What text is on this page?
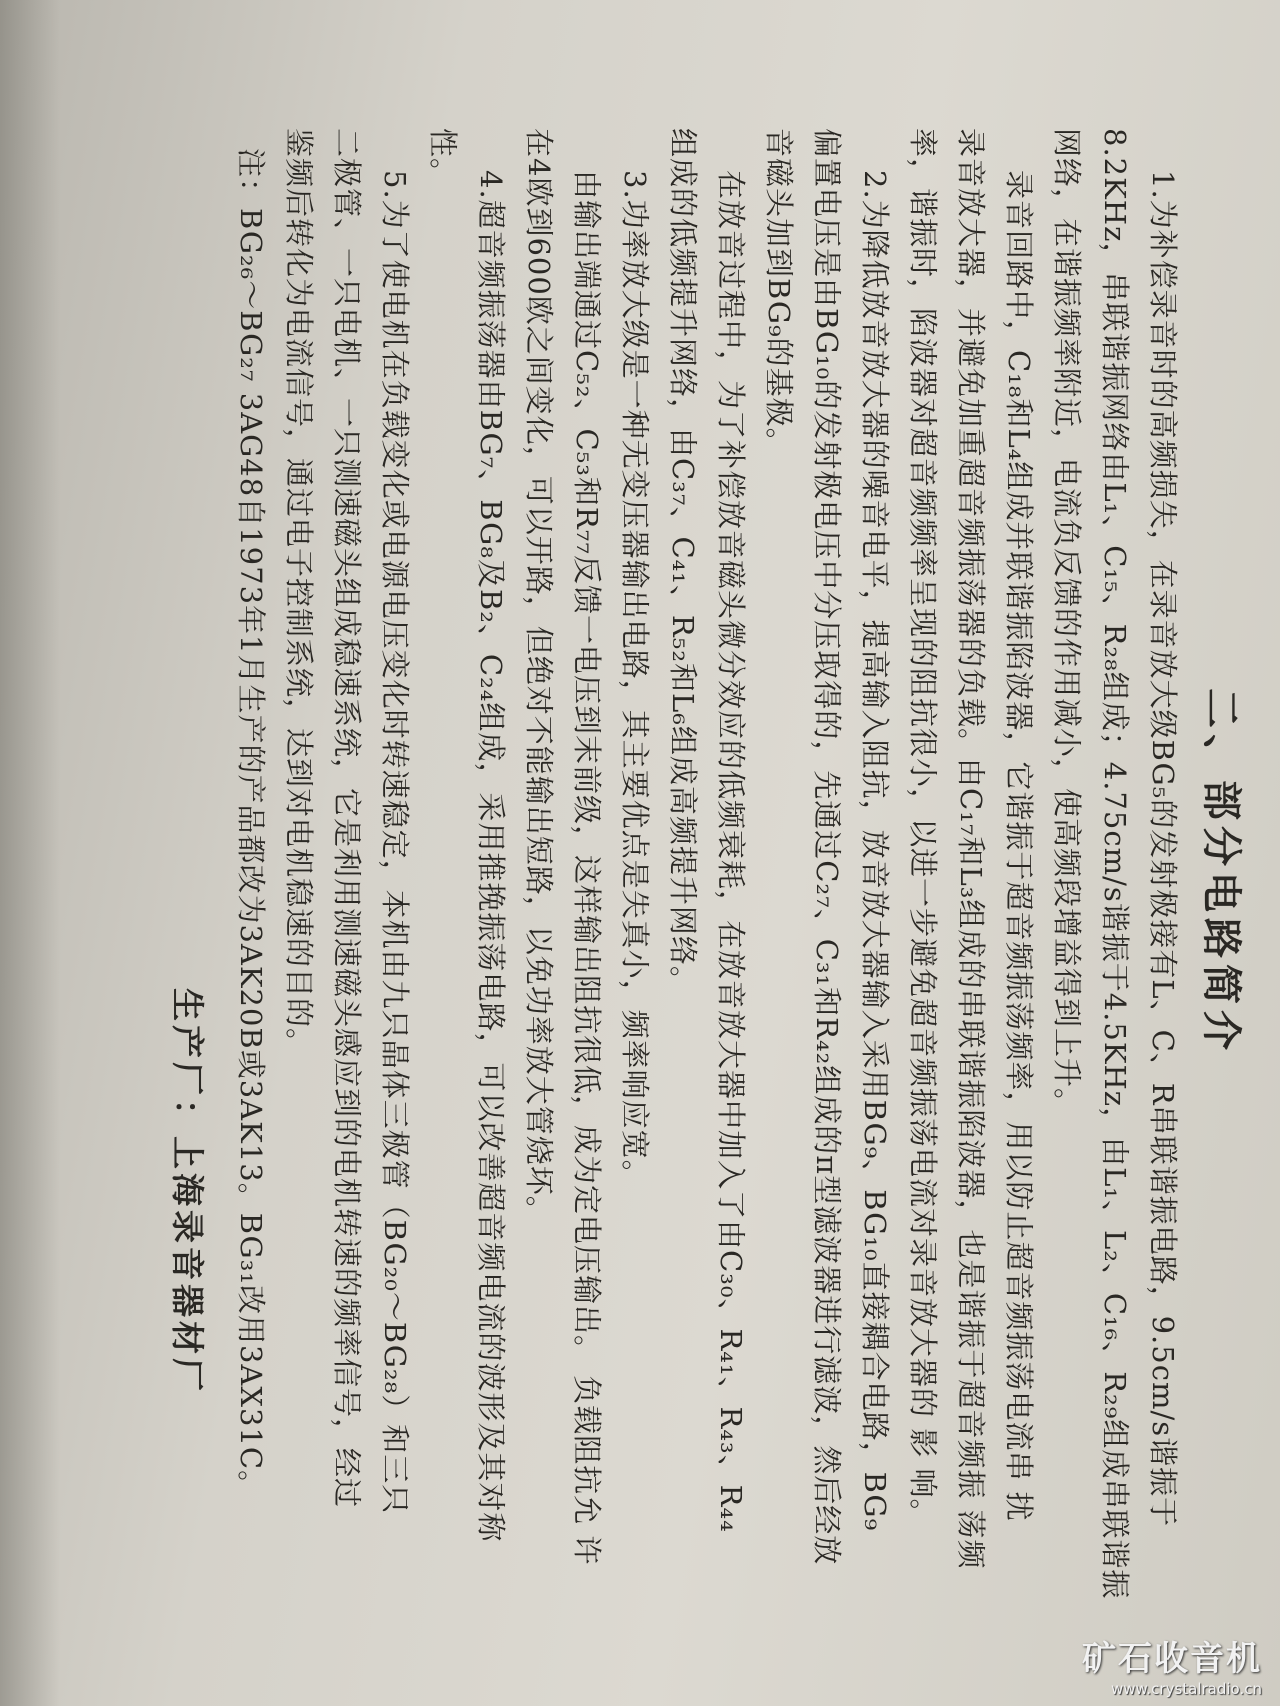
二、部分电路简介
1.为补偿录音时的高频损失，在录音放大级BG₅的发射极接有L、C、R串联谐振电路，9.5cm/s谐振于
8.2KHz，串联谐振网络由L₁、C₁₅、R₂₈组成；4.75cm/s谐振于4.5KHz，由L₁、L₂、C₁₆、R₂₉组成串联谐振
网络，在谐振频率附近，电流负反馈的作用减小，使高频段增益得到上升。
录音回路中，C₁₈和L₄组成并联谐振陷波器，它谐振于超音频振荡频率，用以防止超音频振荡电流串 扰
录音放大器，并避免加重超音频振荡器的负载。由C₁₇和L₃组成的串联谐振陷波器，也是谐振于超音频振 荡频
率，谐振时，陷波器对超音频频率呈现的阻抗很小，以进一步避免超音频振荡电流对录音放大器的 影 响。
2.为降低放音放大器的噪音电平，提高输入阻抗，放音放大器输入采用BG₉、BG₁₀直接耦合电路，BG₉
偏置电压是由BG₁₀的发射极电压中分压取得的，先通过C₂₇、C₃₁和R₄₂组成的π型滤波器进行滤波，然后经放
音磁头加到BG₉的基极。
在放音过程中，为了补偿放音磁头微分效应的低频衰耗，在放音放大器中加入了由C₃₀、R₄₁、R₄₃、R₄₄
组成的低频提升网络，由C₃₇、C₄₁、R₅₂和L₆组成高频提升网络。
3.功率放大级是一种无变压器输出电路，其主要优点是失真小，频率响应宽。
由输出端通过C₅₂、C₅₃和R₇₇反馈一电压到末前级，这样输出阻抗很低，成为定电压输出。 负载阻抗允 许
在4欧到600欧之间变化，可以开路，但绝对不能输出短路，以免功率放大管烧坏。
4.超音频振荡器由BG₇、BG₈及B₂、C₂₄组成，采用推挽振荡电路，可以改善超音频电流的波形及其对称
性。
5.为了使电机在负载变化或电源电压变化时转速稳定，本机由九只晶体三极管（BG₂₀～BG₂₈）和三只
二极管、一只电机、一只测速磁头组成稳速系统，它是利用测速磁头感应到的电机转速的频率信号，经过
鉴频后转化为电流信号，通过电子控制系统，达到对电机稳速的目的。
注：BG₂₆～BG₂₇ 3AG48自1973年1月生产的产品都改为3AK20B或3AK13。BG₃₁改用3AX31C。
生产厂：上海录音器材厂
矿石收音机
www.crystalradio.cn
